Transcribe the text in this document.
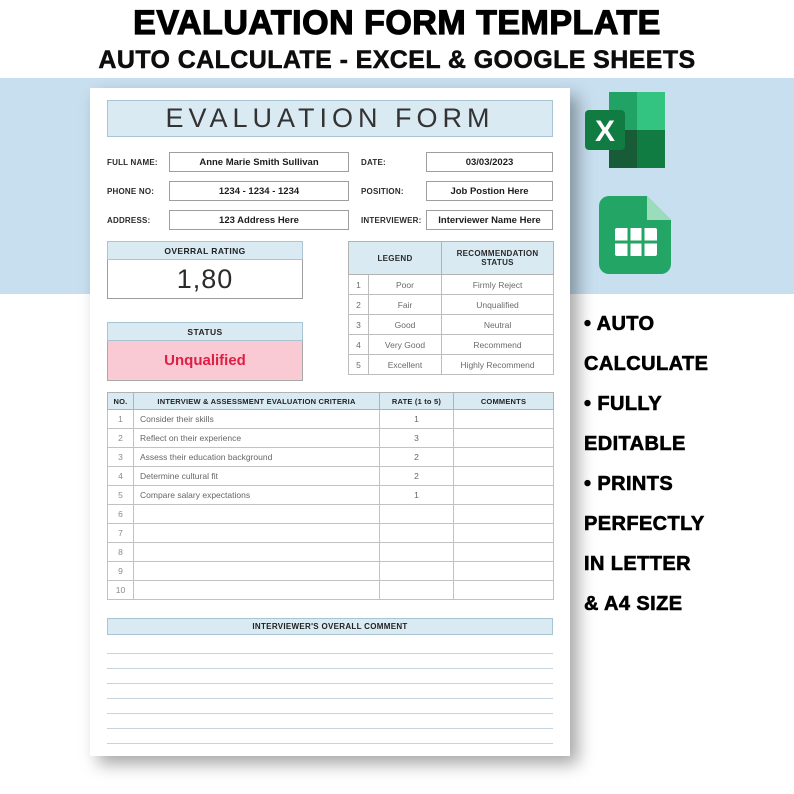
EVALUATION FORM TEMPLATE
AUTO CALCULATE - EXCEL & GOOGLE SHEETS
EVALUATION FORM
FULL NAME:	Anne Marie Smith Sullivan	DATE:	03/03/2023
PHONE NO:	1234 - 1234 - 1234	POSITION:	Job Postion Here
ADDRESS:	123 Address Here	INTERVIEWER:	Interviewer Name Here
OVERRAL RATING
1,80
LEGEND		RECOMMENDATION STATUS
1	Poor	Firmly Reject
2	Fair	Unqualified
3	Good	Neutral
4	Very Good	Recommend
5	Excellent	Highly Recommend
STATUS
Unqualified
NO.	INTERVIEW & ASSESSMENT EVALUATION CRITERIA	RATE (1 to 5)	COMMENTS
1	Consider their skills	1	
2	Reflect on their experience	3	
3	Assess their education background	2	
4	Determine cultural fit	2	
5	Compare salary expectations	1	
6			
7			
8			
9			
10			
INTERVIEWER'S OVERALL COMMENT
X
• AUTO
CALCULATE
• FULLY
EDITABLE
• PRINTS
PERFECTLY
IN LETTER
& A4 SIZE
